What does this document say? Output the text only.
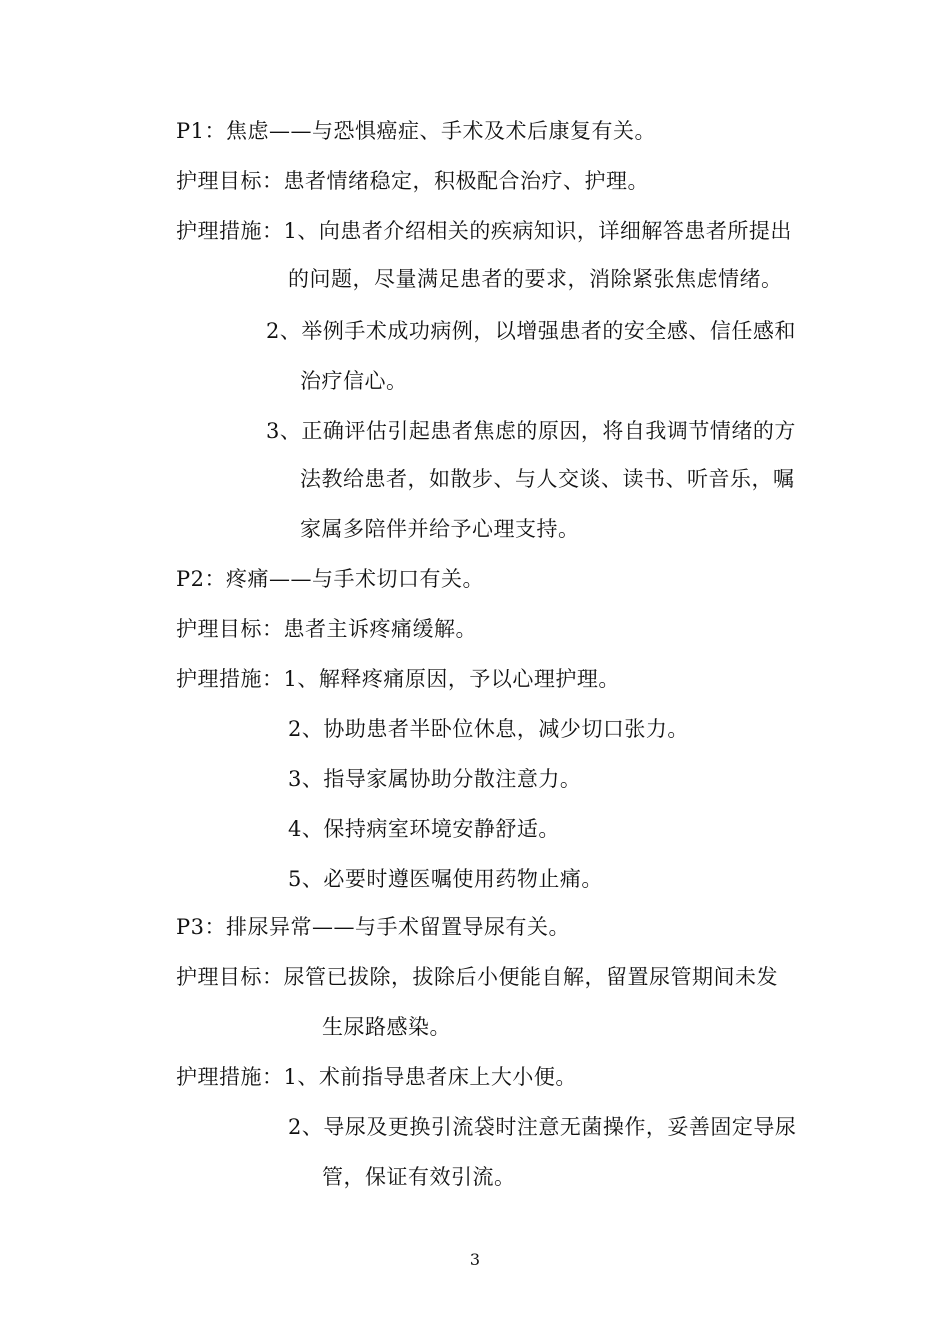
P1：焦虑——与恐惧癌症、手术及术后康复有关。
护理目标：患者情绪稳定，积极配合治疗、护理。
护理措施：1、向患者介绍相关的疾病知识，详细解答患者所提出
的问题，尽量满足患者的要求，消除紧张焦虑情绪。
2、举例手术成功病例，以增强患者的安全感、信任感和
治疗信心。
3、正确评估引起患者焦虑的原因，将自我调节情绪的方
法教给患者，如散步、与人交谈、读书、听音乐，嘱
家属多陪伴并给予心理支持。
P2：疼痛——与手术切口有关。
护理目标：患者主诉疼痛缓解。
护理措施：1、解释疼痛原因，予以心理护理。
2、协助患者半卧位休息，减少切口张力。
3、指导家属协助分散注意力。
4、保持病室环境安静舒适。
5、必要时遵医嘱使用药物止痛。
P3：排尿异常——与手术留置导尿有关。
护理目标：尿管已拔除，拔除后小便能自解，留置尿管期间未发
生尿路感染。
护理措施：1、术前指导患者床上大小便。
2、导尿及更换引流袋时注意无菌操作，妥善固定导尿
管，保证有效引流。
3
